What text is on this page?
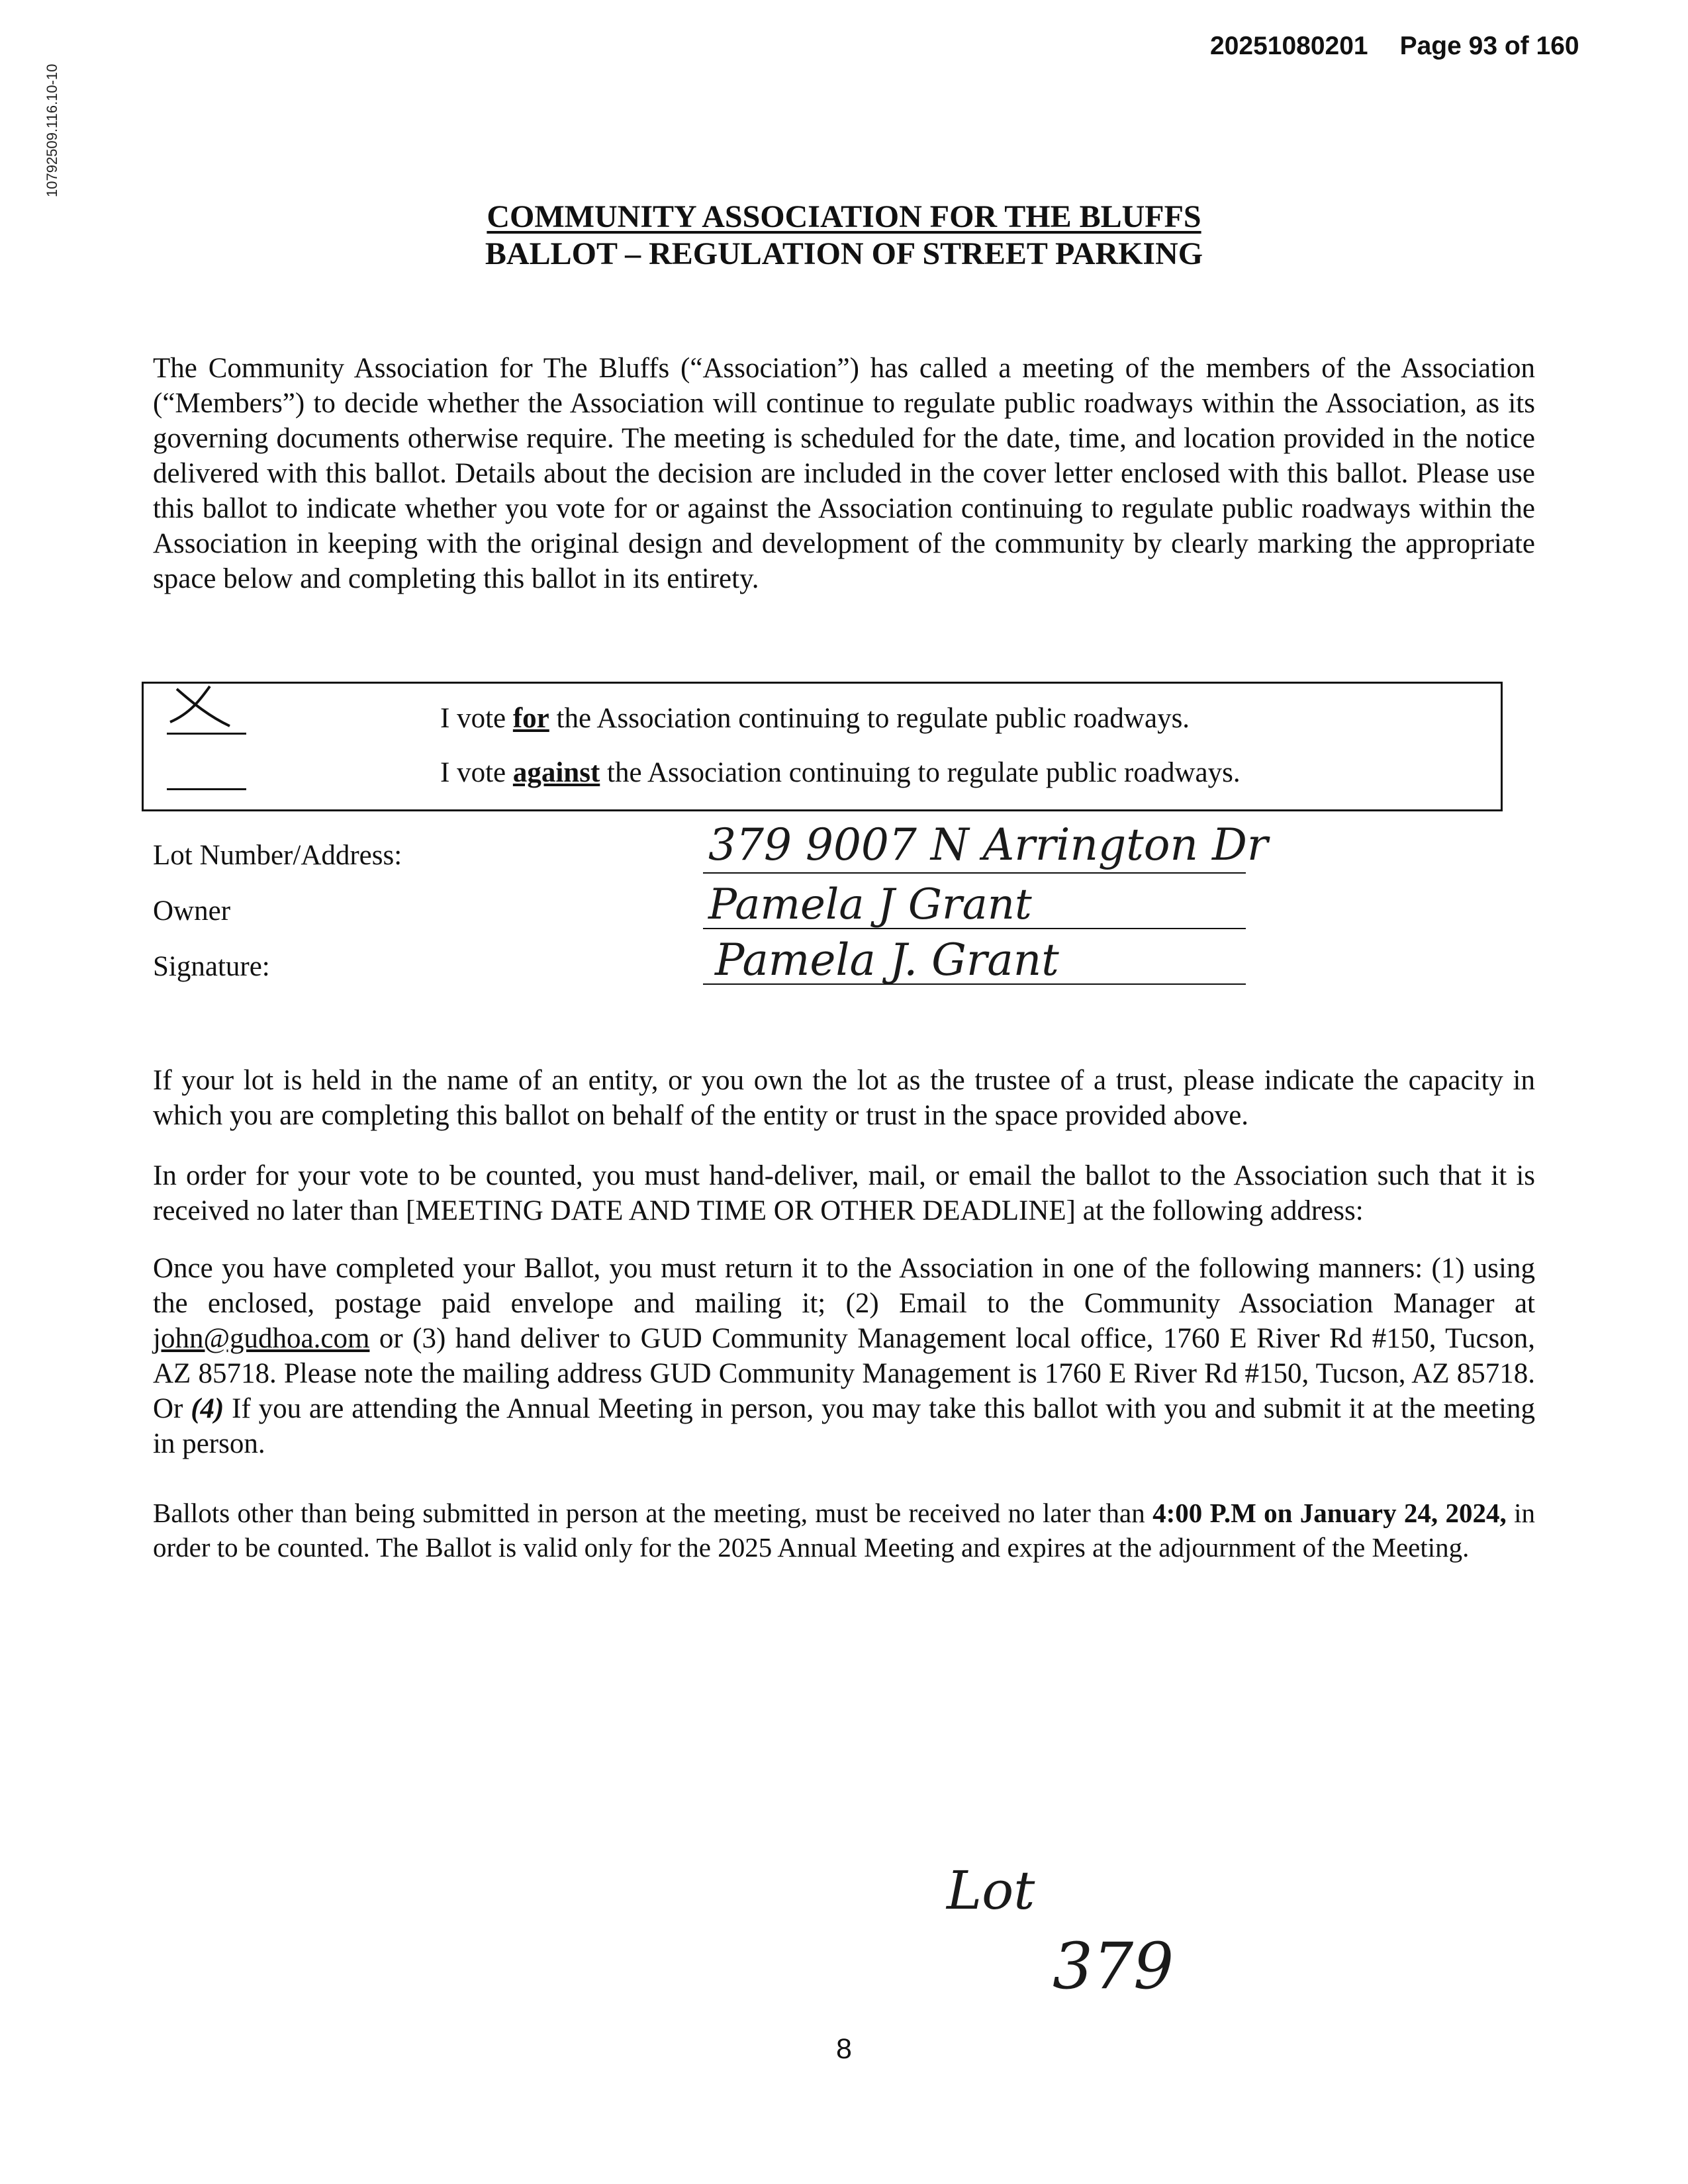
20251080201 Page 93 of 160
10792509.116.10-10
COMMUNITY ASSOCIATION FOR THE BLUFFS
BALLOT – REGULATION OF STREET PARKING

The Community Association for The Bluffs (“Association”) has called a meeting of the members of the Association (“Members”) to decide whether the Association will continue to regulate public roadways within the Association, as its governing documents otherwise require. The meeting is scheduled for the date, time, and location provided in the notice delivered with this ballot. Details about the decision are included in the cover letter enclosed with this ballot. Please use this ballot to indicate whether you vote for or against the Association continuing to regulate public roadways within the Association in keeping with the original design and development of the community by clearly marking the appropriate space below and completing this ballot in its entirety.

I vote for the Association continuing to regulate public roadways.
I vote against the Association continuing to regulate public roadways.
Lot Number/Address:
Owner
Signature:
379 9007 N Arrington Dr
Pamela J Grant
Pamela J. Grant

If your lot is held in the name of an entity, or you own the lot as the trustee of a trust, please indicate the capacity in which you are completing this ballot on behalf of the entity or trust in the space provided above.

In order for your vote to be counted, you must hand-deliver, mail, or email the ballot to the Association such that it is received no later than [MEETING DATE AND TIME OR OTHER DEADLINE] at the following address:

Once you have completed your Ballot, you must return it to the Association in one of the following manners: (1) using the enclosed, postage paid envelope and mailing it; (2) Email to the Community Association Manager at john@gudhoa.com or (3) hand deliver to GUD Community Management local office, 1760 E River Rd #150, Tucson, AZ 85718. Please note the mailing address GUD Community Management is 1760 E River Rd #150, Tucson, AZ 85718. Or (4) If you are attending the Annual Meeting in person, you may take this ballot with you and submit it at the meeting in person.

Ballots other than being submitted in person at the meeting, must be received no later than 4:00 P.M on January 24, 2024, in order to be counted. The Ballot is valid only for the 2025 Annual Meeting and expires at the adjournment of the Meeting.

Lot
379
8
